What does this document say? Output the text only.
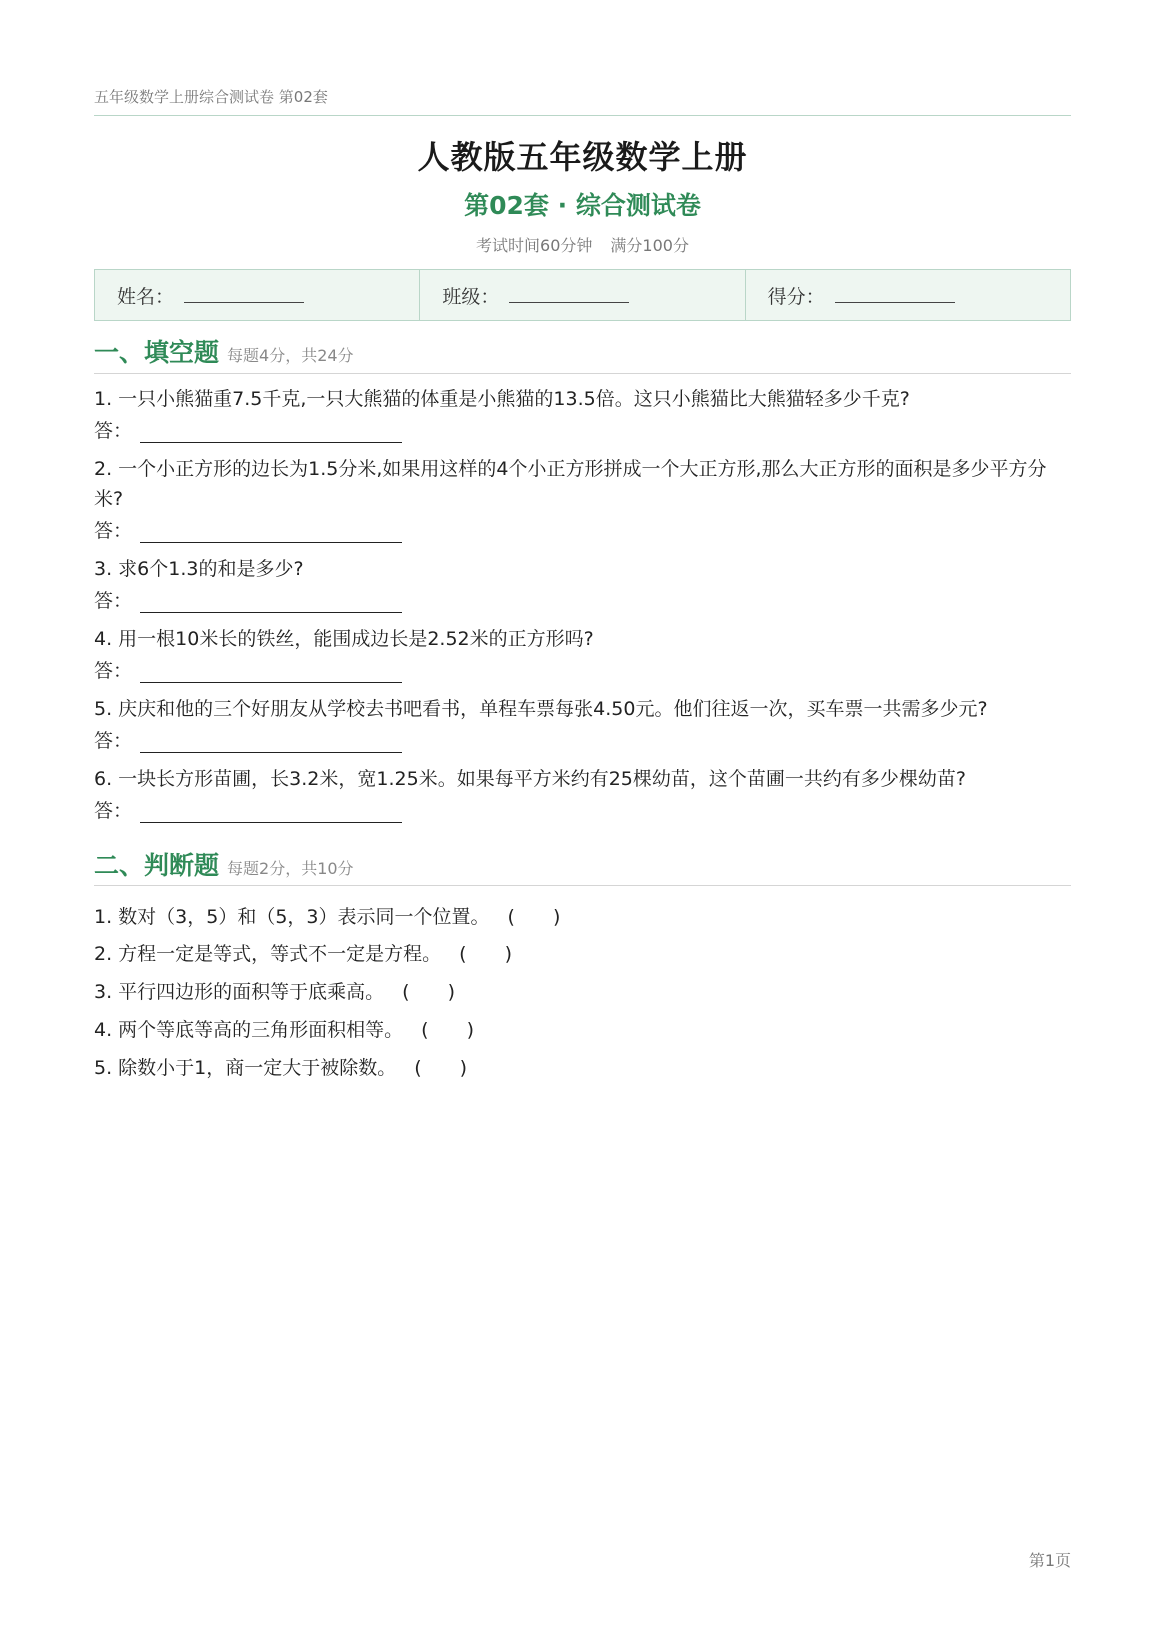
五年级数学上册综合测试卷 第02套
人教版五年级数学上册
第02套 · 综合测试卷
考试时间60分钟 满分100分
姓名：	班级：	得分：
一、填空题 每题4分，共24分
1. 一只小熊猫重7.5千克,一只大熊猫的体重是小熊猫的13.5倍。这只小熊猫比大熊猫轻多少千克?
答：
2. 一个小正方形的边长为1.5分米,如果用这样的4个小正方形拼成一个大正方形,那么大正方形的面积是多少平方分米?
答：
3. 求6个1.3的和是多少?
答：
4. 用一根10米长的铁丝，能围成边长是2.52米的正方形吗?
答：
5. 庆庆和他的三个好朋友从学校去书吧看书，单程车票每张4.50元。他们往返一次，买车票一共需多少元?
答：
6. 一块长方形苗圃，长3.2米，宽1.25米。如果每平方米约有25棵幼苗，这个苗圃一共约有多少棵幼苗?
答：
二、判断题 每题2分，共10分
1. 数对（3，5）和（5，3）表示同一个位置。 (　　)
2. 方程一定是等式，等式不一定是方程。 (　　)
3. 平行四边形的面积等于底乘高。 (　　)
4. 两个等底等高的三角形面积相等。 (　　)
5. 除数小于1，商一定大于被除数。 (　　)
第1页
